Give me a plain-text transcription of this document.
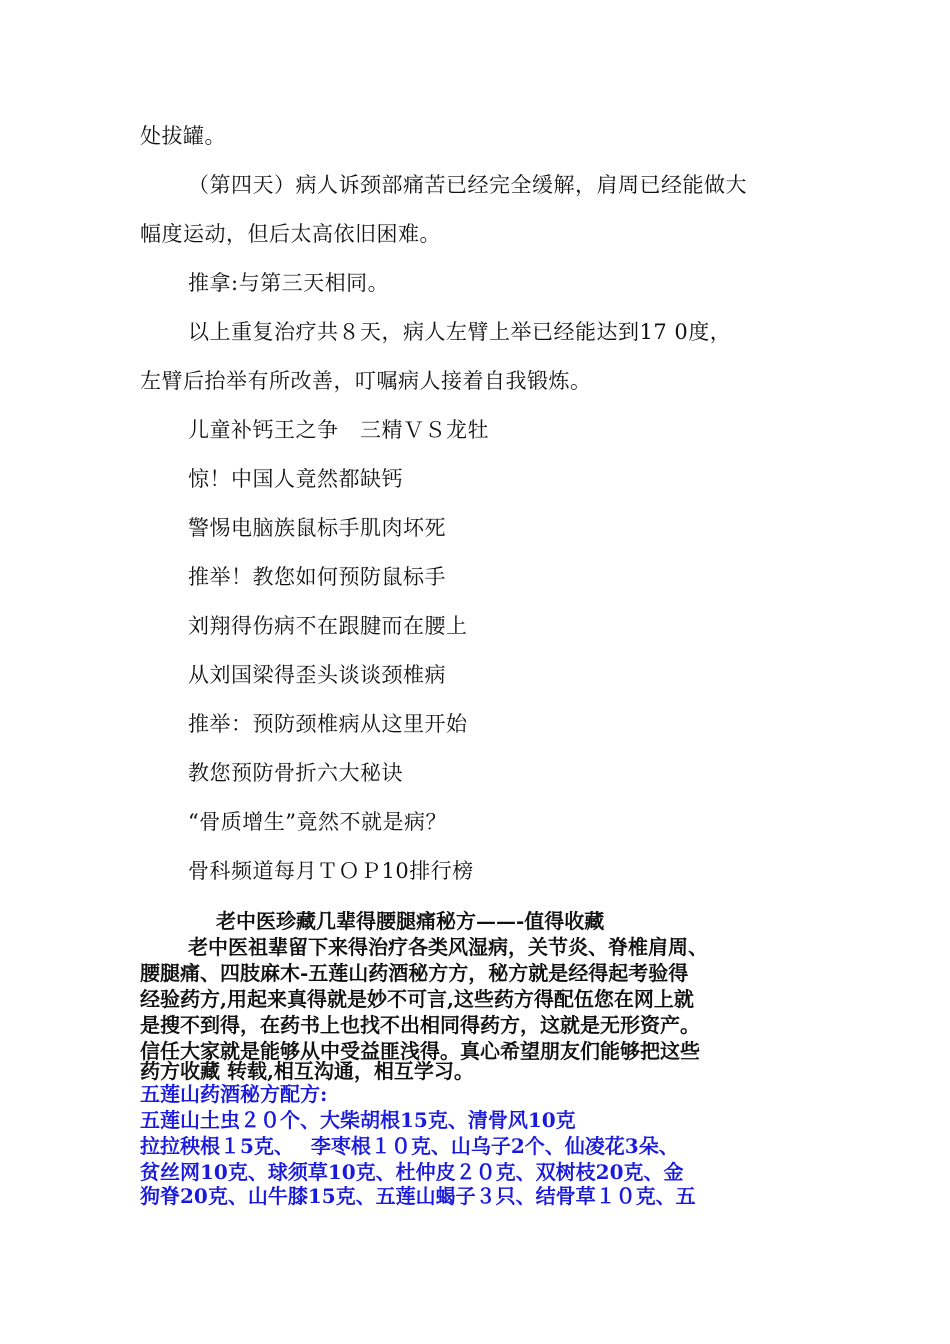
处拔罐。
（第四天）病人诉颈部痛苦已经完全缓解，肩周已经能做大
幅度运动，但后太高依旧困难。
推拿:与第三天相同。
以上重复治疗共８天，病人左臂上举已经能达到17 0度，
左臂后抬举有所改善，叮嘱病人接着自我锻炼。
儿童补钙王之争　三精ＶＳ龙牡
惊！中国人竟然都缺钙
警惕电脑族鼠标手肌肉坏死
推举！教您如何预防鼠标手
刘翔得伤病不在跟腱而在腰上
从刘国梁得歪头谈谈颈椎病
推举：预防颈椎病从这里开始
教您预防骨折六大秘诀
“骨质增生”竟然不就是病？
骨科频道每月ＴＯＰ10排行榜
老中医珍藏几辈得腰腿痛秘方——-值得收藏
老中医祖辈留下来得治疗各类风湿病，关节炎、脊椎肩周、
腰腿痛、四肢麻木-五莲山药酒秘方方，秘方就是经得起考验得
经验药方,用起来真得就是妙不可言,这些药方得配伍您在网上就
是搜不到得，在药书上也找不出相同得药方，这就是无形资产。
信任大家就是能够从中受益匪浅得。真心希望朋友们能够把这些
药方收藏 转载,相互沟通，相互学习。
五莲山药酒秘方配方:
五莲山土虫２０个、大柴胡根15克、清骨风10克
拉拉秧根１5克、　 李枣根１０克、山乌子2个、仙凌花3朵、
贫丝网10克、球须草10克、杜仲皮２０克、双树枝20克、金
狗脊20克、山牛膝15克、五莲山蝎子３只、结骨草１０克、五
